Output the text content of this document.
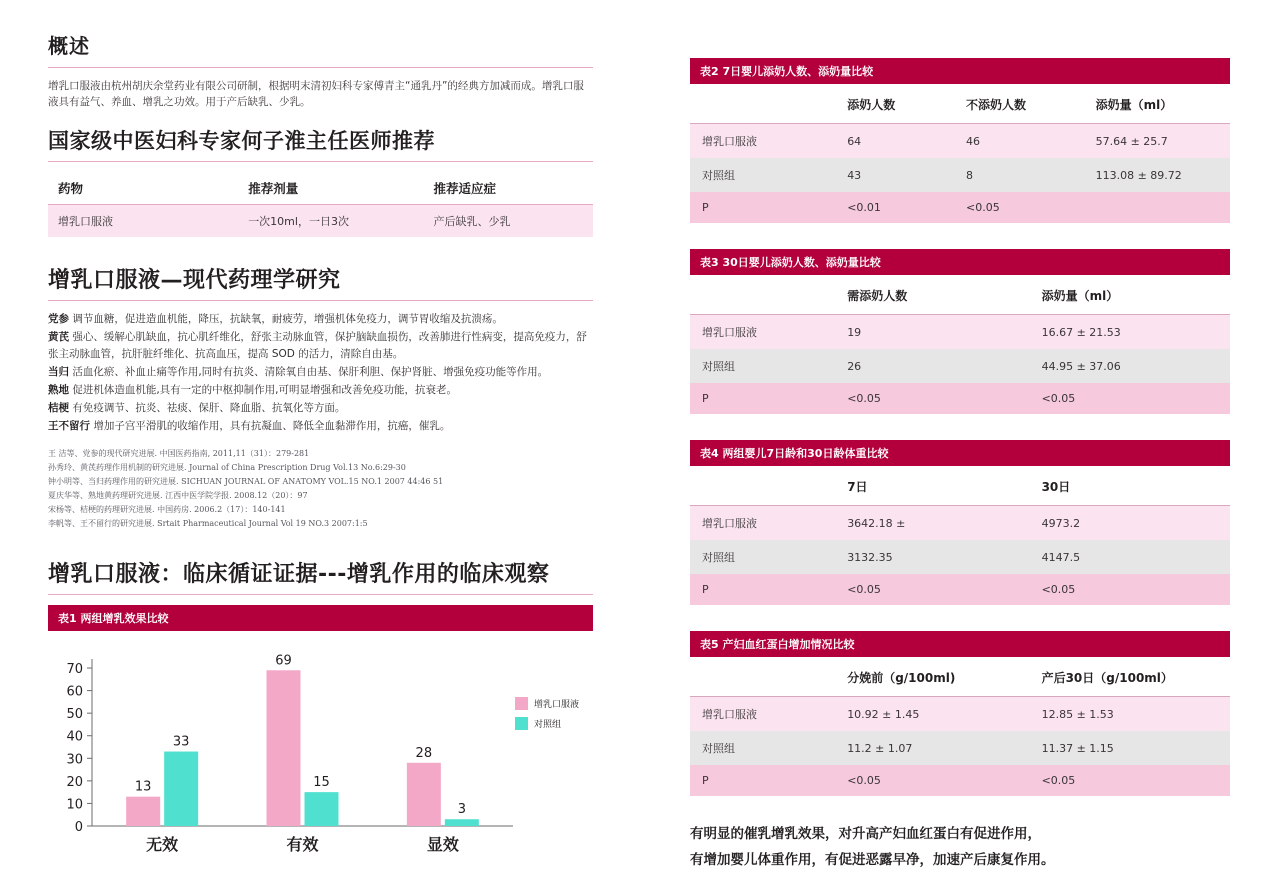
概述

增乳口服液由杭州胡庆余堂药业有限公司研制，根据明末清初妇科专家傅青主“通乳丹”的经典方加减而成。增乳口服液具有益气、养血、增乳之功效。用于产后缺乳、少乳。

国家级中医妇科专家何子淮主任医师推荐
药物	推荐剂量	推荐适应症
增乳口服液	一次10ml，一日3次	产后缺乳、少乳
增乳口服液—现代药理学研究
党参 调节血糖，促进造血机能，降压，抗缺氧，耐疲劳，增强机体免疫力，调节胃收缩及抗溃疡。
黄芪 强心、缓解心肌缺血，抗心肌纤维化，舒张主动脉血管，保护脑缺血损伤，改善肺进行性病变，提高免疫力，舒张主动脉血管，抗肝脏纤维化、抗高血压，提高 SOD 的活力，清除自由基。
当归 活血化瘀、补血止痛等作用,同时有抗炎、清除氧自由基、保肝利胆、保护肾脏、增强免疫功能等作用。
熟地 促进机体造血机能,具有一定的中枢抑制作用,可明显增强和改善免疫功能，抗衰老。
桔梗 有免疫调节、抗炎、祛痰、保肝、降血脂、抗氧化等方面。
王不留行 增加子宫平滑肌的收缩作用，具有抗凝血、降低全血黏滞作用，抗癌，催乳。
王 洁等、党参的现代研究进展. 中国医药指南, 2011,11（31）：279-281
孙秀玲、黄芪药理作用机制的研究进展. Journal of China Prescription Drug Vol.13 No.6:29-30
钟小明等、当归药理作用的研究进展. SICHUAN JOURNAL OF ANATOMY VOL.15 NO.1 2007 44:46 51
夏庆华等、熟地黄药理研究进展. 江西中医学院学报. 2008.12（20）：97
宋杨等、桔梗的药理研究进展. 中国药房. 2006.2（17）：140-141
李帆等、王不留行的研究进展. Srtait Pharmaceutical Journal Vol 19 NO.3 2007:1:5
增乳口服液：临床循证证据---增乳作用的临床观察
表1 两组增乳效果比较
0
10
20
30
40
50
60
70
13
33
无效
69
15
有效
28
3
显效
增乳口服液
对照组
表2 7日婴儿添奶人数、添奶量比较
	添奶人数	不添奶人数	添奶量（ml）
增乳口服液	64	46	57.64 ± 25.7
对照组	43	8	113.08 ± 89.72
P	<0.01	<0.05	
表3 30日婴儿添奶人数、添奶量比较
	需添奶人数	添奶量（ml）
增乳口服液	19	16.67 ± 21.53
对照组	26	44.95 ± 37.06
P	<0.05	<0.05
表4 两组婴儿7日龄和30日龄体重比较
	7日	30日
增乳口服液	3642.18 ±	4973.2
对照组	3132.35	4147.5
P	<0.05	<0.05
表5 产妇血红蛋白增加情况比较
	分娩前（g/100ml)	产后30日（g/100ml）
增乳口服液	10.92 ± 1.45	12.85 ± 1.53
对照组	11.2 ± 1.07	11.37 ± 1.15
P	<0.05	<0.05
有明显的催乳增乳效果，对升高产妇血红蛋白有促进作用，
有增加婴儿体重作用，有促进恶露早净，加速产后康复作用。
